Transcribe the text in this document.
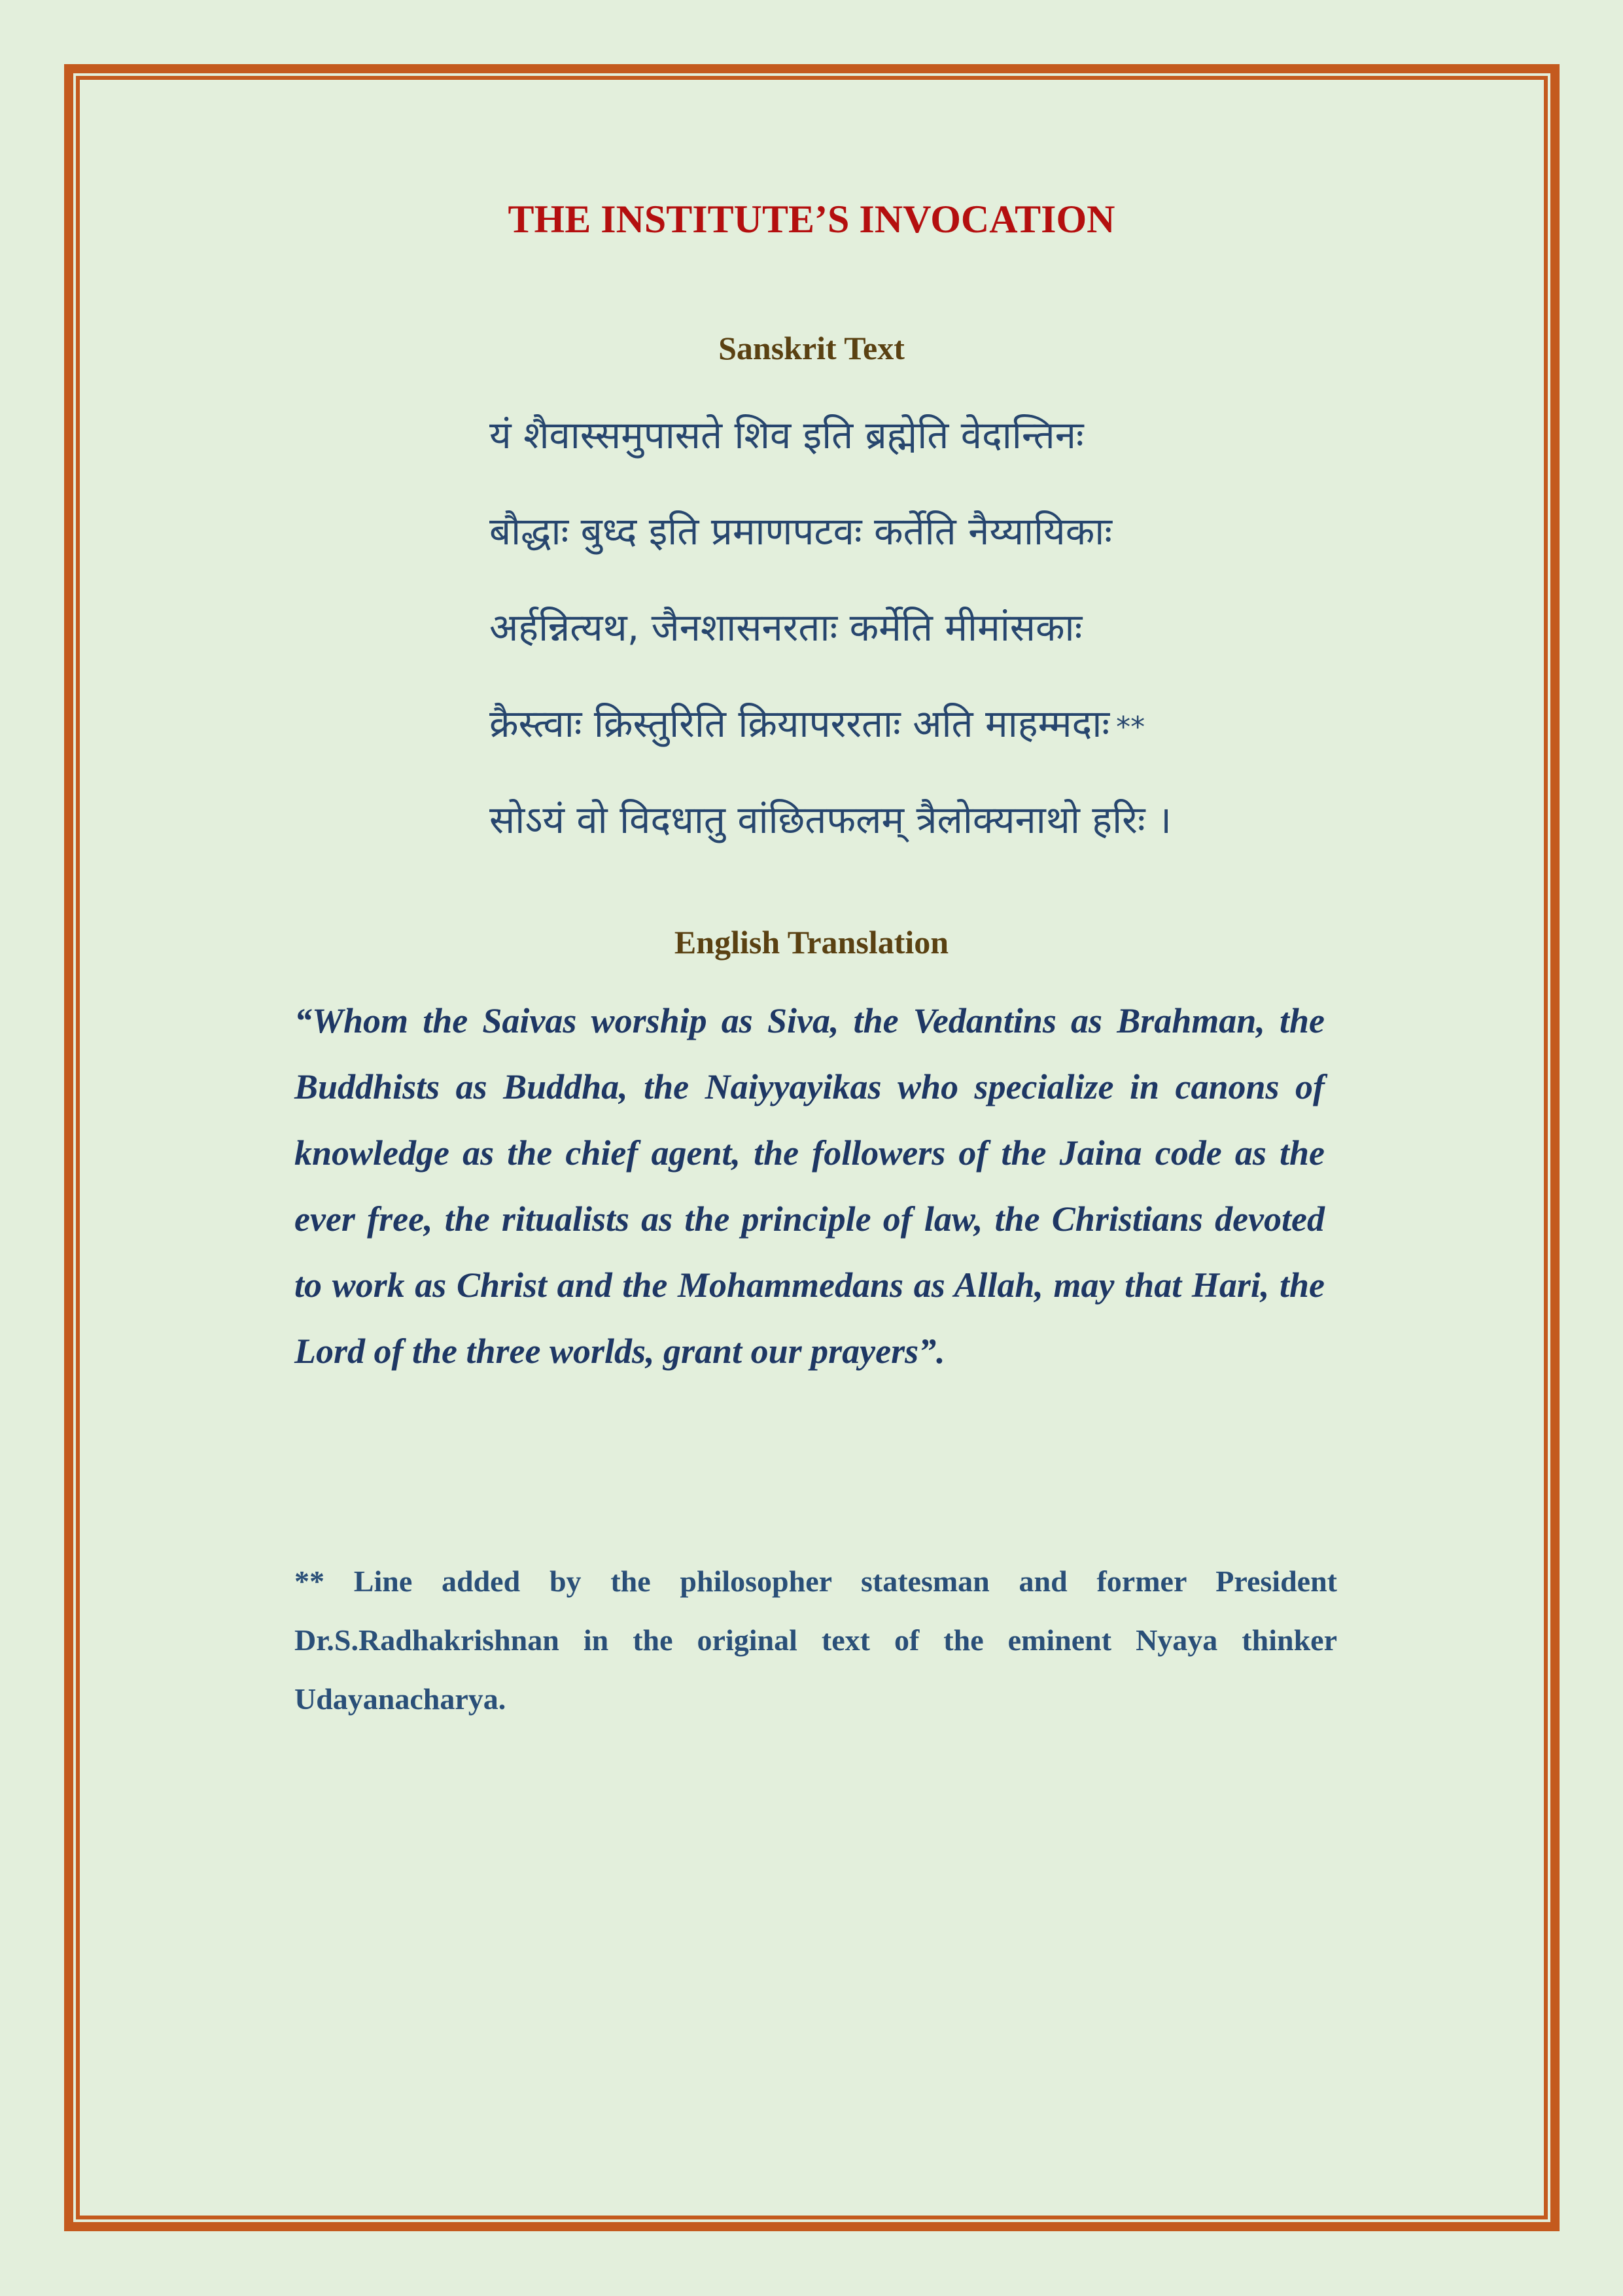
THE INSTITUTE’S INVOCATION
Sanskrit Text
यं शैवास्समुपासते शिव इति ब्रह्मेति वेदान्तिनः
बौद्धाः बुध्द इति प्रमाणपटवः कर्तेति नैय्यायिकाः
अर्हन्नित्यथ, जैनशासनरताः कर्मेति मीमांसकाः
क्रैस्त्वाः क्रिस्तुरिति क्रियापररताः अति माहम्मदाः **
सोऽयं वो विदधातु वांछितफलम् त्रैलोक्यनाथो हरिः ।
English Translation

“Whom the Saivas worship as Siva, the Vedantins as Brahman, the Buddhists as Buddha, the Naiyyayikas who specialize in canons of knowledge as the chief agent, the followers of the Jaina code as the ever free, the ritualists as the principle of law, the Christians devoted to work as Christ and the Mohammedans as Allah, may that Hari, the Lord of the three worlds, grant our prayers”.

** Line added by the philosopher statesman and former President Dr.S.Radhakrishnan in the original text of the eminent Nyaya thinker Udayanacharya.
